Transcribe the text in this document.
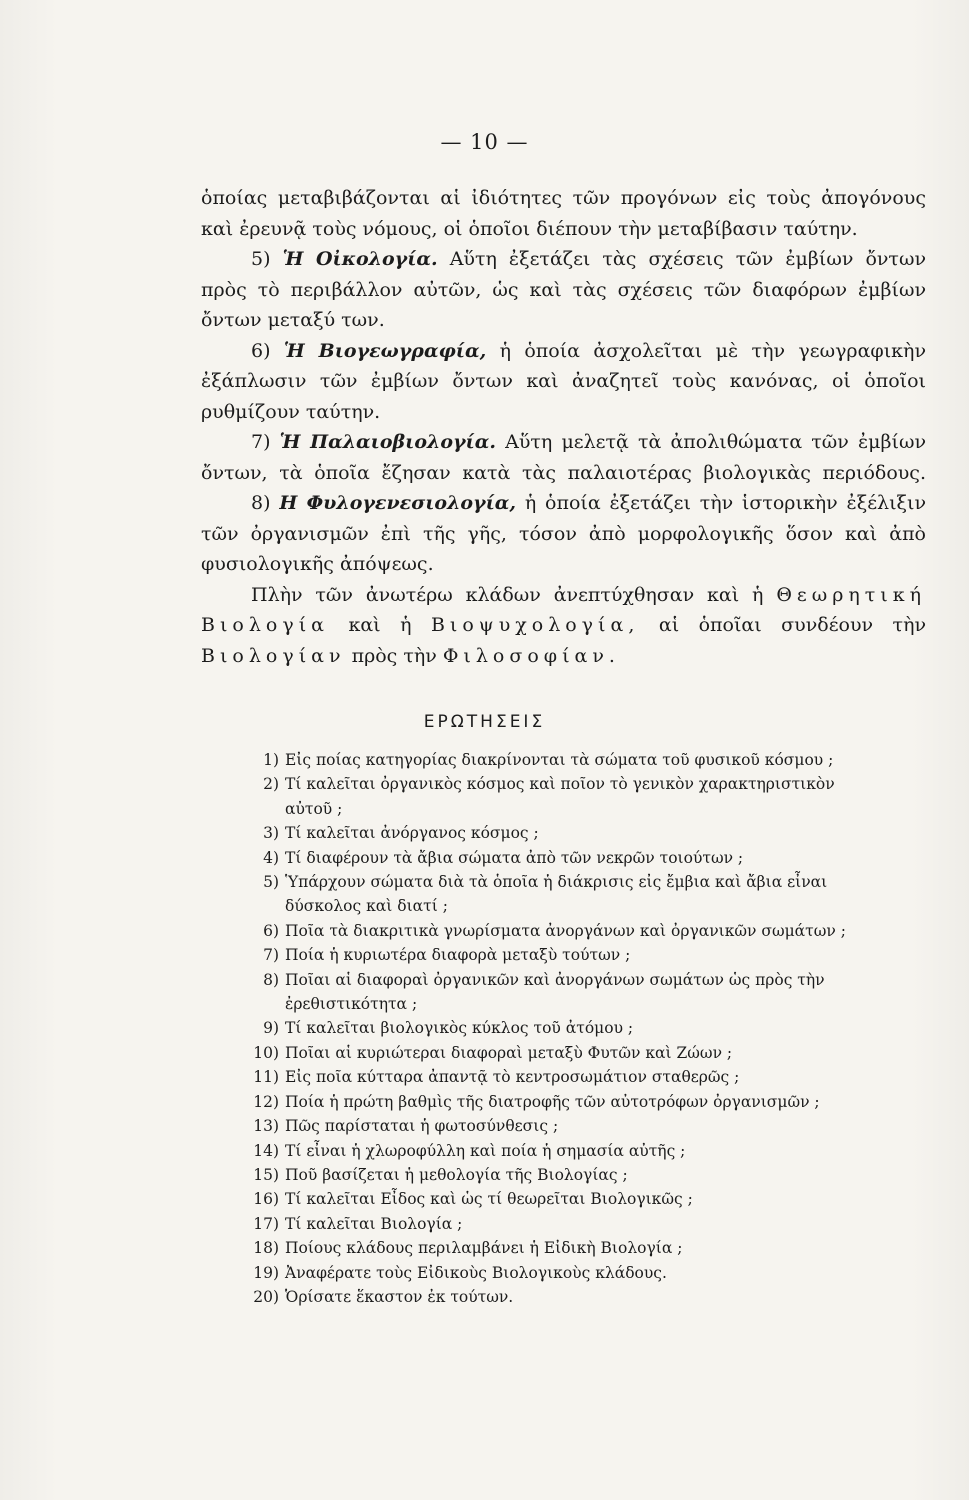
— 10 —

ὁποίας μεταβιβάζονται αἱ ἰδιότητες τῶν προγόνων εἰς τοὺς ἀπογόνους

καὶ ἐρευνᾷ τοὺς νόμους, οἱ ὁποῖοι διέπουν τὴν μεταβίβασιν ταύτην.

5) Ἡ Οἰκολογία. Αὕτη ἐξετάζει τὰς σχέσεις τῶν ἐμβίων ὄντων

πρὸς τὸ περιβάλλον αὐτῶν, ὡς καὶ τὰς σχέσεις τῶν διαφόρων ἐμβίων

ὄντων μεταξύ των.

6) Ἡ Βιογεωγραφία, ἡ ὁποία ἀσχολεῖται μὲ τὴν γεωγραφικὴν

ἐξάπλωσιν τῶν ἐμβίων ὄντων καὶ ἀναζητεῖ τοὺς κανόνας, οἱ ὁποῖοι

ρυθμίζουν ταύτην.

7) Ἡ Παλαιοβιολογία. Αὕτη μελετᾷ τὰ ἀπολιθώματα τῶν ἐμβίων

ὄντων, τὰ ὁποῖα ἔζησαν κατὰ τὰς παλαιοτέρας βιολογικὰς περιόδους.

8) Η Φυλογενεσιολογία, ἡ ὁποία ἐξετάζει τὴν ἱστορικὴν ἐξέλιξιν

τῶν ὀργανισμῶν ἐπὶ τῆς γῆς, τόσον ἀπὸ μορφολογικῆς ὅσον καὶ ἀπὸ

φυσιολογικῆς ἀπόψεως.

Πλὴν τῶν ἀνωτέρω κλάδων ἀνεπτύχθησαν καὶ ἡ Θεωρητική

Βιολογία καὶ ἡ Βιοψυχολογία, αἱ ὁποῖαι συνδέουν τὴν

Βιολογίαν πρὸς τὴν Φιλοσοφίαν.

ΕΡΩΤΗΣΕΙΣ
1) Εἰς ποίας κατηγορίας διακρίνονται τὰ σώματα τοῦ φυσικοῦ κόσμου ;
2) Τί καλεῖται ὀργανικὸς κόσμος καὶ ποῖον τὸ γενικὸν χαρακτηριστικὸν
αὐτοῦ ;
3) Τί καλεῖται ἀνόργανος κόσμος ;
4) Τί διαφέρουν τὰ ἄβια σώματα ἀπὸ τῶν νεκρῶν τοιούτων ;
5) Ὑπάρχουν σώματα διὰ τὰ ὁποῖα ἡ διάκρισις εἰς ἔμβια καὶ ἄβια εἶναι
δύσκολος καὶ διατί ;
6) Ποῖα τὰ διακριτικὰ γνωρίσματα ἀνοργάνων καὶ ὀργανικῶν σωμάτων ;
7) Ποία ἡ κυριωτέρα διαφορὰ μεταξὺ τούτων ;
8) Ποῖαι αἱ διαφοραὶ ὀργανικῶν καὶ ἀνοργάνων σωμάτων ὡς πρὸς τὴν
ἐρεθιστικότητα ;
9) Τί καλεῖται βιολογικὸς κύκλος τοῦ ἀτόμου ;
10) Ποῖαι αἱ κυριώτεραι διαφοραὶ μεταξὺ Φυτῶν καὶ Ζώων ;
11) Εἰς ποῖα κύτταρα ἀπαντᾷ τὸ κεντροσωμάτιον σταθερῶς ;
12) Ποία ἡ πρώτη βαθμὶς τῆς διατροφῆς τῶν αὐτοτρόφων ὀργανισμῶν ;
13) Πῶς παρίσταται ἡ φωτοσύνθεσις ;
14) Τί εἶναι ἡ χλωροφύλλη καὶ ποία ἡ σημασία αὐτῆς ;
15) Ποῦ βασίζεται ἡ μεθολογία τῆς Βιολογίας ;
16) Τί καλεῖται Εἶδος καὶ ὡς τί θεωρεῖται Βιολογικῶς ;
17) Τί καλεῖται Βιολογία ;
18) Ποίους κλάδους περιλαμβάνει ἡ Εἰδικὴ Βιολογία ;
19) Ἀναφέρατε τοὺς Εἰδικοὺς Βιολογικοὺς κλάδους.
20) Ὁρίσατε ἕκαστον ἐκ τούτων.
